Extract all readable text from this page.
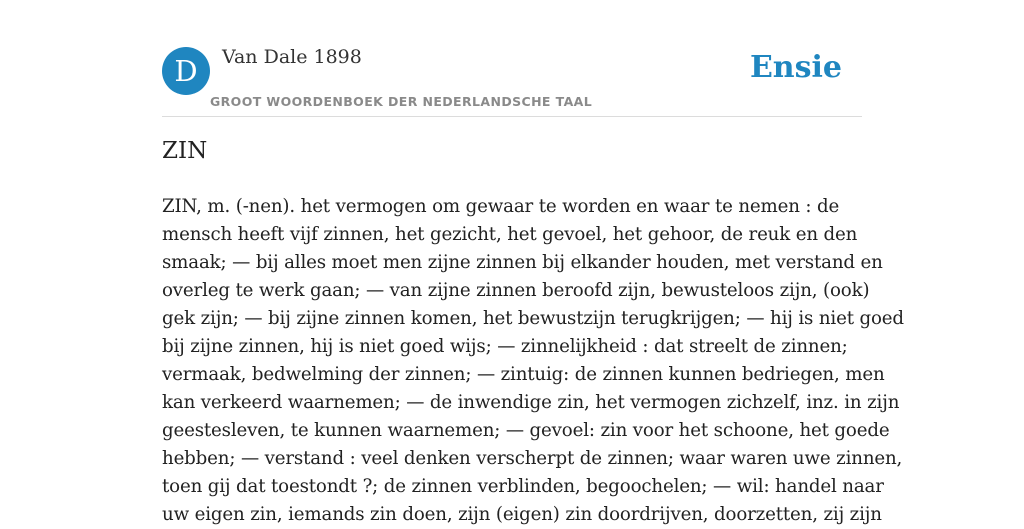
D	Van Dale 1898
GROOT WOORDENBOEK DER NEDERLANDSCHE TAAL
Ensie
ZIN

ZIN, m. (-nen). het vermogen om gewaar te worden en waar te nemen : de
mensch heeft vijf zinnen, het gezicht, het gevoel, het gehoor, de reuk en den
smaak; — bij alles moet men zijne zinnen bij elkander houden, met verstand en
overleg te werk gaan; — van zijne zinnen beroofd zijn, bewusteloos zijn, (ook)
gek zijn; — bij zijne zinnen komen, het bewustzijn terugkrijgen; — hij is niet goed
bij zijne zinnen, hij is niet goed wijs; — zinnelijkheid : dat streelt de zinnen;
vermaak, bedwelming der zinnen; — zintuig: de zinnen kunnen bedriegen, men
kan verkeerd waarnemen; — de inwendige zin, het vermogen zichzelf, inz. in zijn
geestesleven, te kunnen waarnemen; — gevoel: zin voor het schoone, het goede
hebben; — verstand : veel denken verscherpt de zinnen; waar waren uwe zinnen,
toen gij dat toestondt ?; de zinnen verblinden, begoochelen; — wil: handel naar
uw eigen zin, iemands zin doen, zijn (eigen) zin doordrijven, doorzetten, zij zijn
